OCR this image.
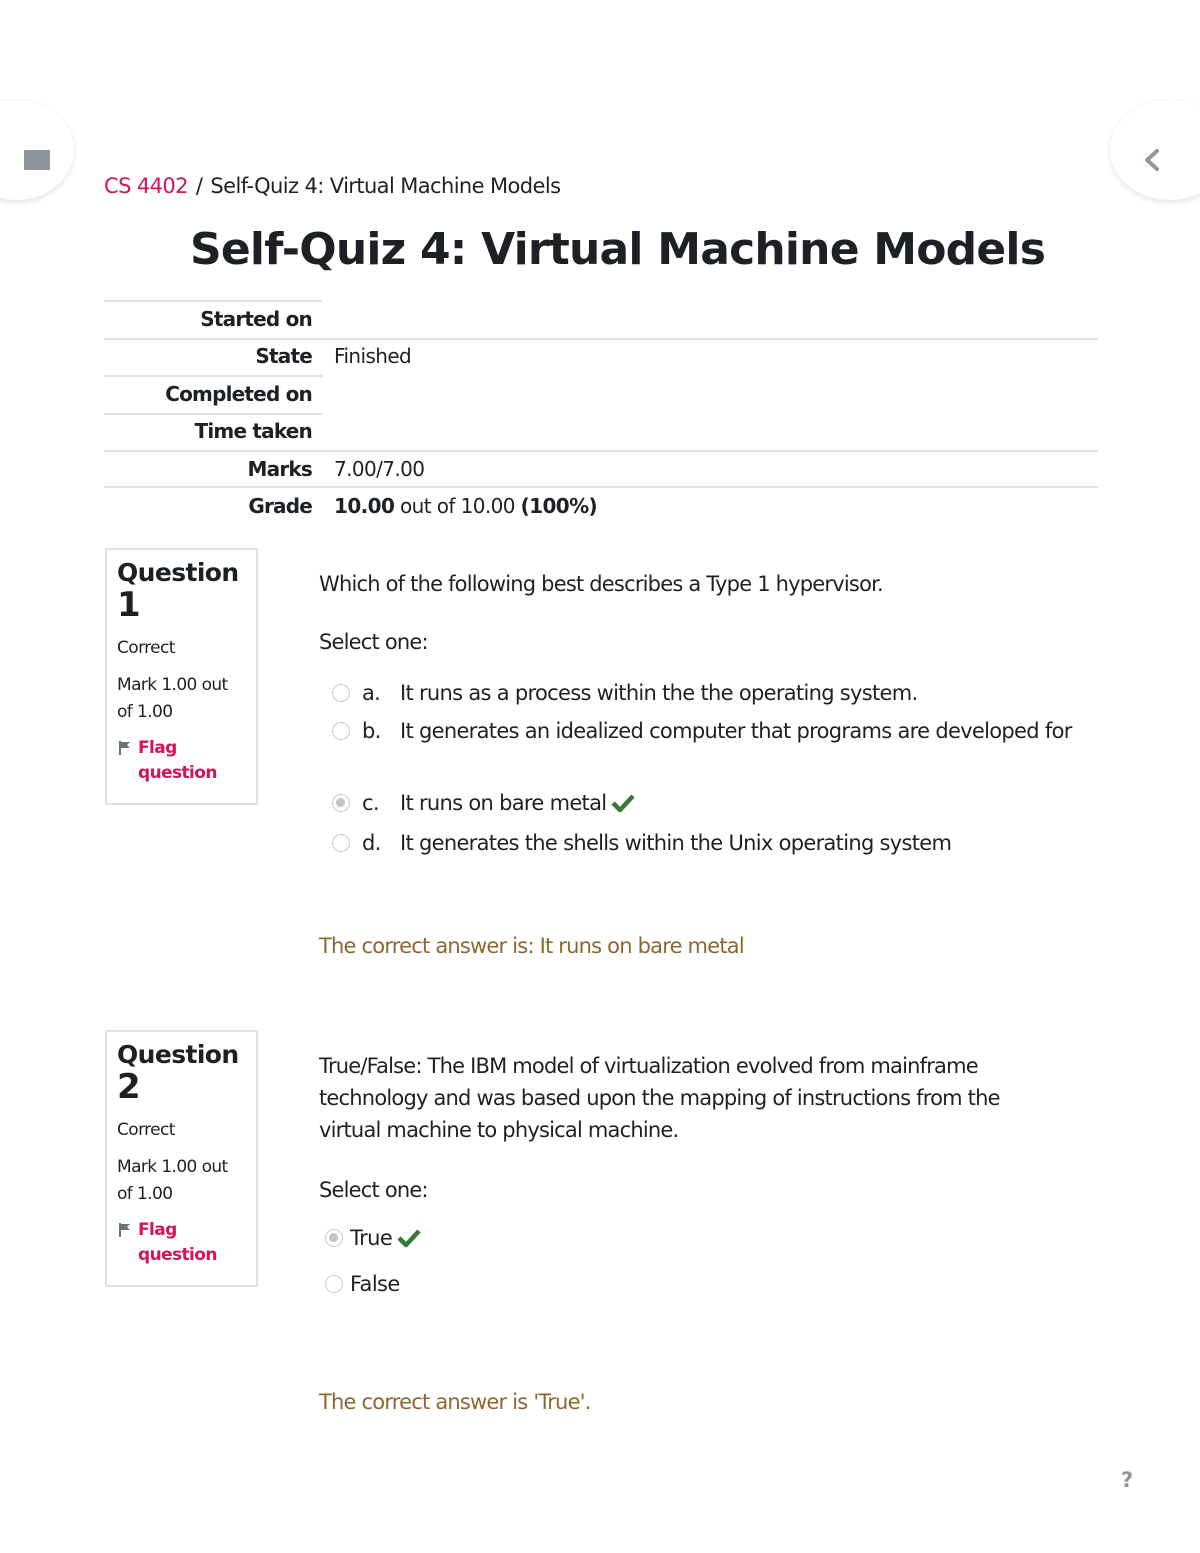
CS 4402 / Self-Quiz 4: Virtual Machine Models
Self-Quiz 4: Virtual Machine Models
Started on
State	Finished
Completed on
Time taken
Marks	7.00/7.00
Grade	10.00 out of 10.00 (100%)
Question
1
Correct
Mark 1.00 out of 1.00
Flag question
Which of the following best describes a Type 1 hypervisor.
Select one:
a. It runs as a process within the the operating system.
b. It generates an idealized computer that programs are developed for
c.	It runs on bare metal
d. It generates the shells within the Unix operating system
The correct answer is: It runs on bare metal
Question
2
Correct
Mark 1.00 out of 1.00
Flag question
True/False: The IBM model of virtualization evolved from mainframe technology and was based upon the mapping of instructions from the virtual machine to physical machine.
Select one:
True
False
The correct answer is 'True'.
?
